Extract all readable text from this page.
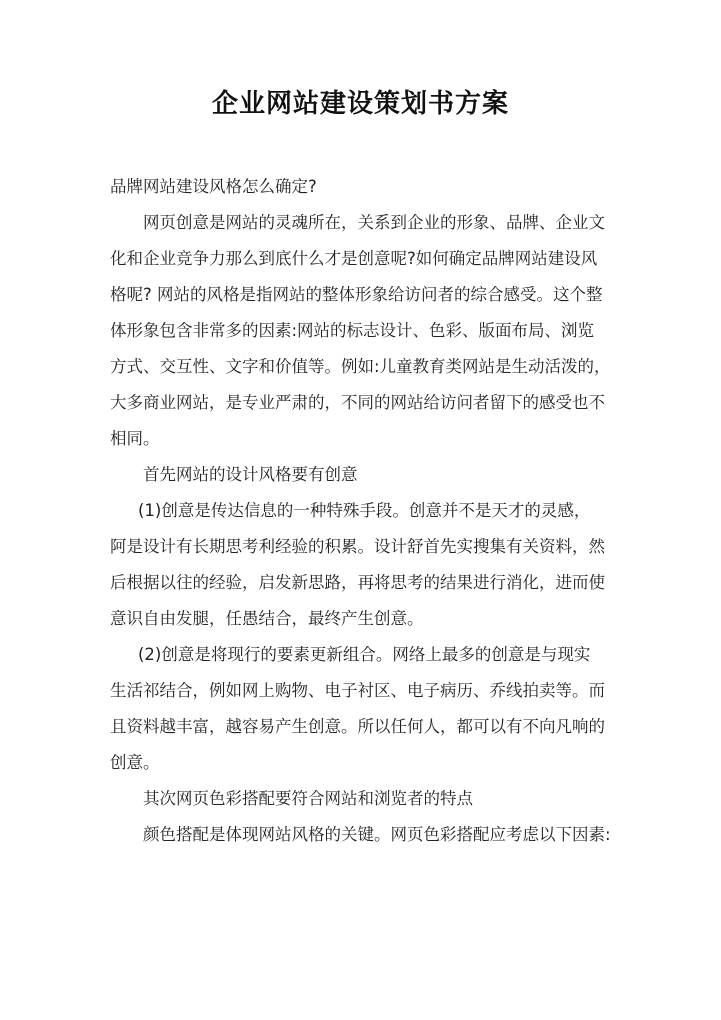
企业网站建设策划书方案
品牌网站建设风格怎么确定?
网页创意是网站的灵魂所在，关系到企业的形象、品牌、企业文
化和企业竞争力那么到底什么才是创意呢?如何确定品牌网站建设风
格呢? 网站的风格是指网站的整体形象给访问者的综合感受。这个整
体形象包含非常多的因素:网站的标志设计、色彩、版面布局、浏览
方式、交互性、文字和价值等。例如:儿童教育类网站是生动活泼的，
大多商业网站，是专业严肃的，不同的网站给访问者留下的感受也不
相同。
首先网站的设计风格要有创意
(1)创意是传达信息的一种特殊手段。创意并不是天才的灵感，
阿是设计有长期思考利经验的积累。设计舒首先实搜集有关资料，然
后根据以往的经验，启发新思路，再将思考的结果进行消化，进而使
意识自由发腿，任愚结合，最终产生创意。
(2)创意是将现行的要素更新组合。网络上最多的创意是与现实
生活祁结合，例如网上购物、电子衬区、电子病历、乔线拍卖等。而
且资料越丰富，越容易产生创意。所以任何人，都可以有不向凡响的
创意。
其次网页色彩搭配要符合网站和浏览者的特点
颜色搭配是体现网站风格的关键。网页色彩搭配应考虑以下因素:
